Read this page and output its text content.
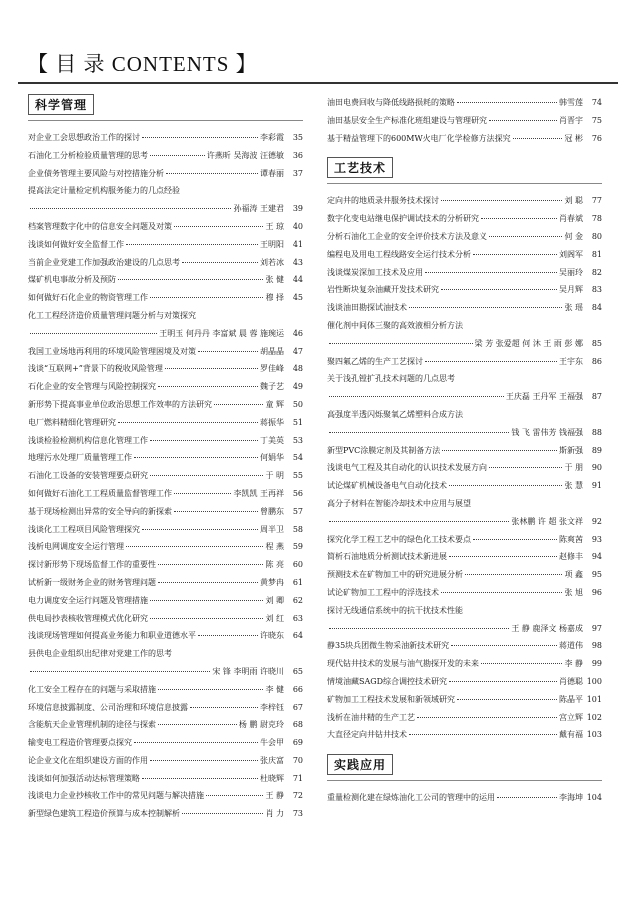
【 目 录 CONTENTS 】
科学管理
对企业工会思想政治工作的探讨	李彩霞	35
石油化工分析检验质量管理的思考	许燕昕 吴海波 汪德敏	36
企业债务管理主要风险与对控措施分析	谭春丽	37
提高法定计量检定机构服务能力的几点经验
孙福涛 王建君	39
档案管理数字化中的信息安全问题及对策	王 琼	40
浅谈如何做好安全监督工作	王明阳	41
当前企业党建工作加强政治建设的几点思考	刘若冰	43
煤矿机电事故分析及预防	张 健	44
如何做好石化企业的物资管理工作	穆 择	45
化工工程经济造价质量管理问题分析与对策探究
王明玉 何丹丹 李富斌 晨 蓉 施琬运	46
我国工业场地再利用的环境风险管理困境及对策	胡晶晶	47
浅谈“互联网+”背景下的税收风险管理	罗佳峰	48
石化企业的安全管理与风险控制探究	魏子艺	49
新形势下提高事业单位政治思想工作效率的方法研究	童 辉	50
电厂燃料精细化管理研究	蒋振华	51
浅谈检验检测机构信息化管理工作	丁美英	53
地理污水处理厂质量管理工作	何娟华	54
石油化工设备的安装管理要点研究	于 明	55
如何做好石油化工工程质量监督管理工作	李凯凯 王再祥	56
基于现场检测出异常的安全导向的新探索	曾鹏东	57
浅谈化工工程项目风险管理探究	周半卫	58
浅析电网调度安全运行管理	程 燕	59
探讨新形势下现场监督工作的重要性	陈 亮	60
试析新一级财务企业的财务管理问题	黄梦冉	61
电力调度安全运行问题及管理措施	刘 卿	62
供电局抄表核收管理模式优化研究	刘 红	63
浅谈现场管理如何提高业务能力和职业道德水平	许晓东	64
县供电企业组织出纪律对党建工作的思考
宋 锋 李明雨 许晓川	65
化工安全工程存在的问题与采取措施	李 健	66
环境信息披露制度、公司治理和环境信息披露	李梓钰	67
含能航天企业管理机制的途径与探索	杨 鹏 尉克玲	68
输变电工程造价管理要点探究	牛会甲	69
论企业文化在组织建设方面的作用	张庆富	70
浅谈如何加强活动达标管理策略	杜晓辉	71
浅谈电力企业抄核收工作中的常见问题与解决措施	王 静	72
新型绿色建筑工程造价预算与成本控制解析	肖 力	73
油田电费回收与降低线路损耗的策略	韩雪莲	74
油田基层安全生产标准化班组建设与管理研究	肖晋宇	75
基于精益管理下的600MW火电厂化学检修方法探究	冠 彬	76
工艺技术
定向井的地质录井服务技术探讨	刘 聪	77
数字化变电站继电保护调试技术的分析研究	肖春斌	78
分析石油化工企业的安全评价技术方法及意义	何 金	80
编程电及用电工程线路安全运行技术分析	刘阁军	81
浅谈煤炭深加工技术及应用	吴丽玲	82
岩性断块复杂油藏开发技术研究	吴月辉	83
浅谈油田勘探试油技术	张 瑶	84
催化剂中间体三聚的高效液相分析方法
梁 芳 张爱超 何 沐 王 雨 彭 娜	85
聚四氟乙烯的生产工艺探讨	王宇东	86
关于浅孔镗扩孔技术问题的几点思考
王庆磊 王丹军 王福强	87
高强度半透闪烁聚氧乙烯塑料合成方法
钱 飞 雷伟芳 钱福强	88
新型PVC涂膜定剂及其制备方法	斯新强	89
浅谈电气工程及其自动化的认识技术发展方向	于 朋	90
试论煤矿机械设备电气自动化技术	张 慧	91
高分子材料在智能冷却技术中应用与展望
张林鹏 许 超 张文祥	92
探究化学工程工艺中的绿色化工技术要点	陈爽茜	93
简析石油地质分析测试技术新进展	赵修丰	94
预测技术在矿物加工中的研究进展分析	项 鑫	95
试论矿物加工工程中的浮选技术	张 旭	96
探讨无线通信系统中的抗干扰技术性能
王 静 鹿泽文 杨嘉成	97
静35块兵团微生物采油新技术研究	蒋道伟	98
现代钻井技术的发展与油气勘探开发的未来	李 静	99
情境油藏SAGD综合调控技术研究	肖德聪 100
矿物加工工程技术发展和新领域研究	陈晶平 101
浅析在油井精的生产工艺	宫立辉 102
大直径定向井钻井技术	戴有福 103
实践应用
重量检测化建在绿炼油化工公司的管理中的运用	李海坤 104
